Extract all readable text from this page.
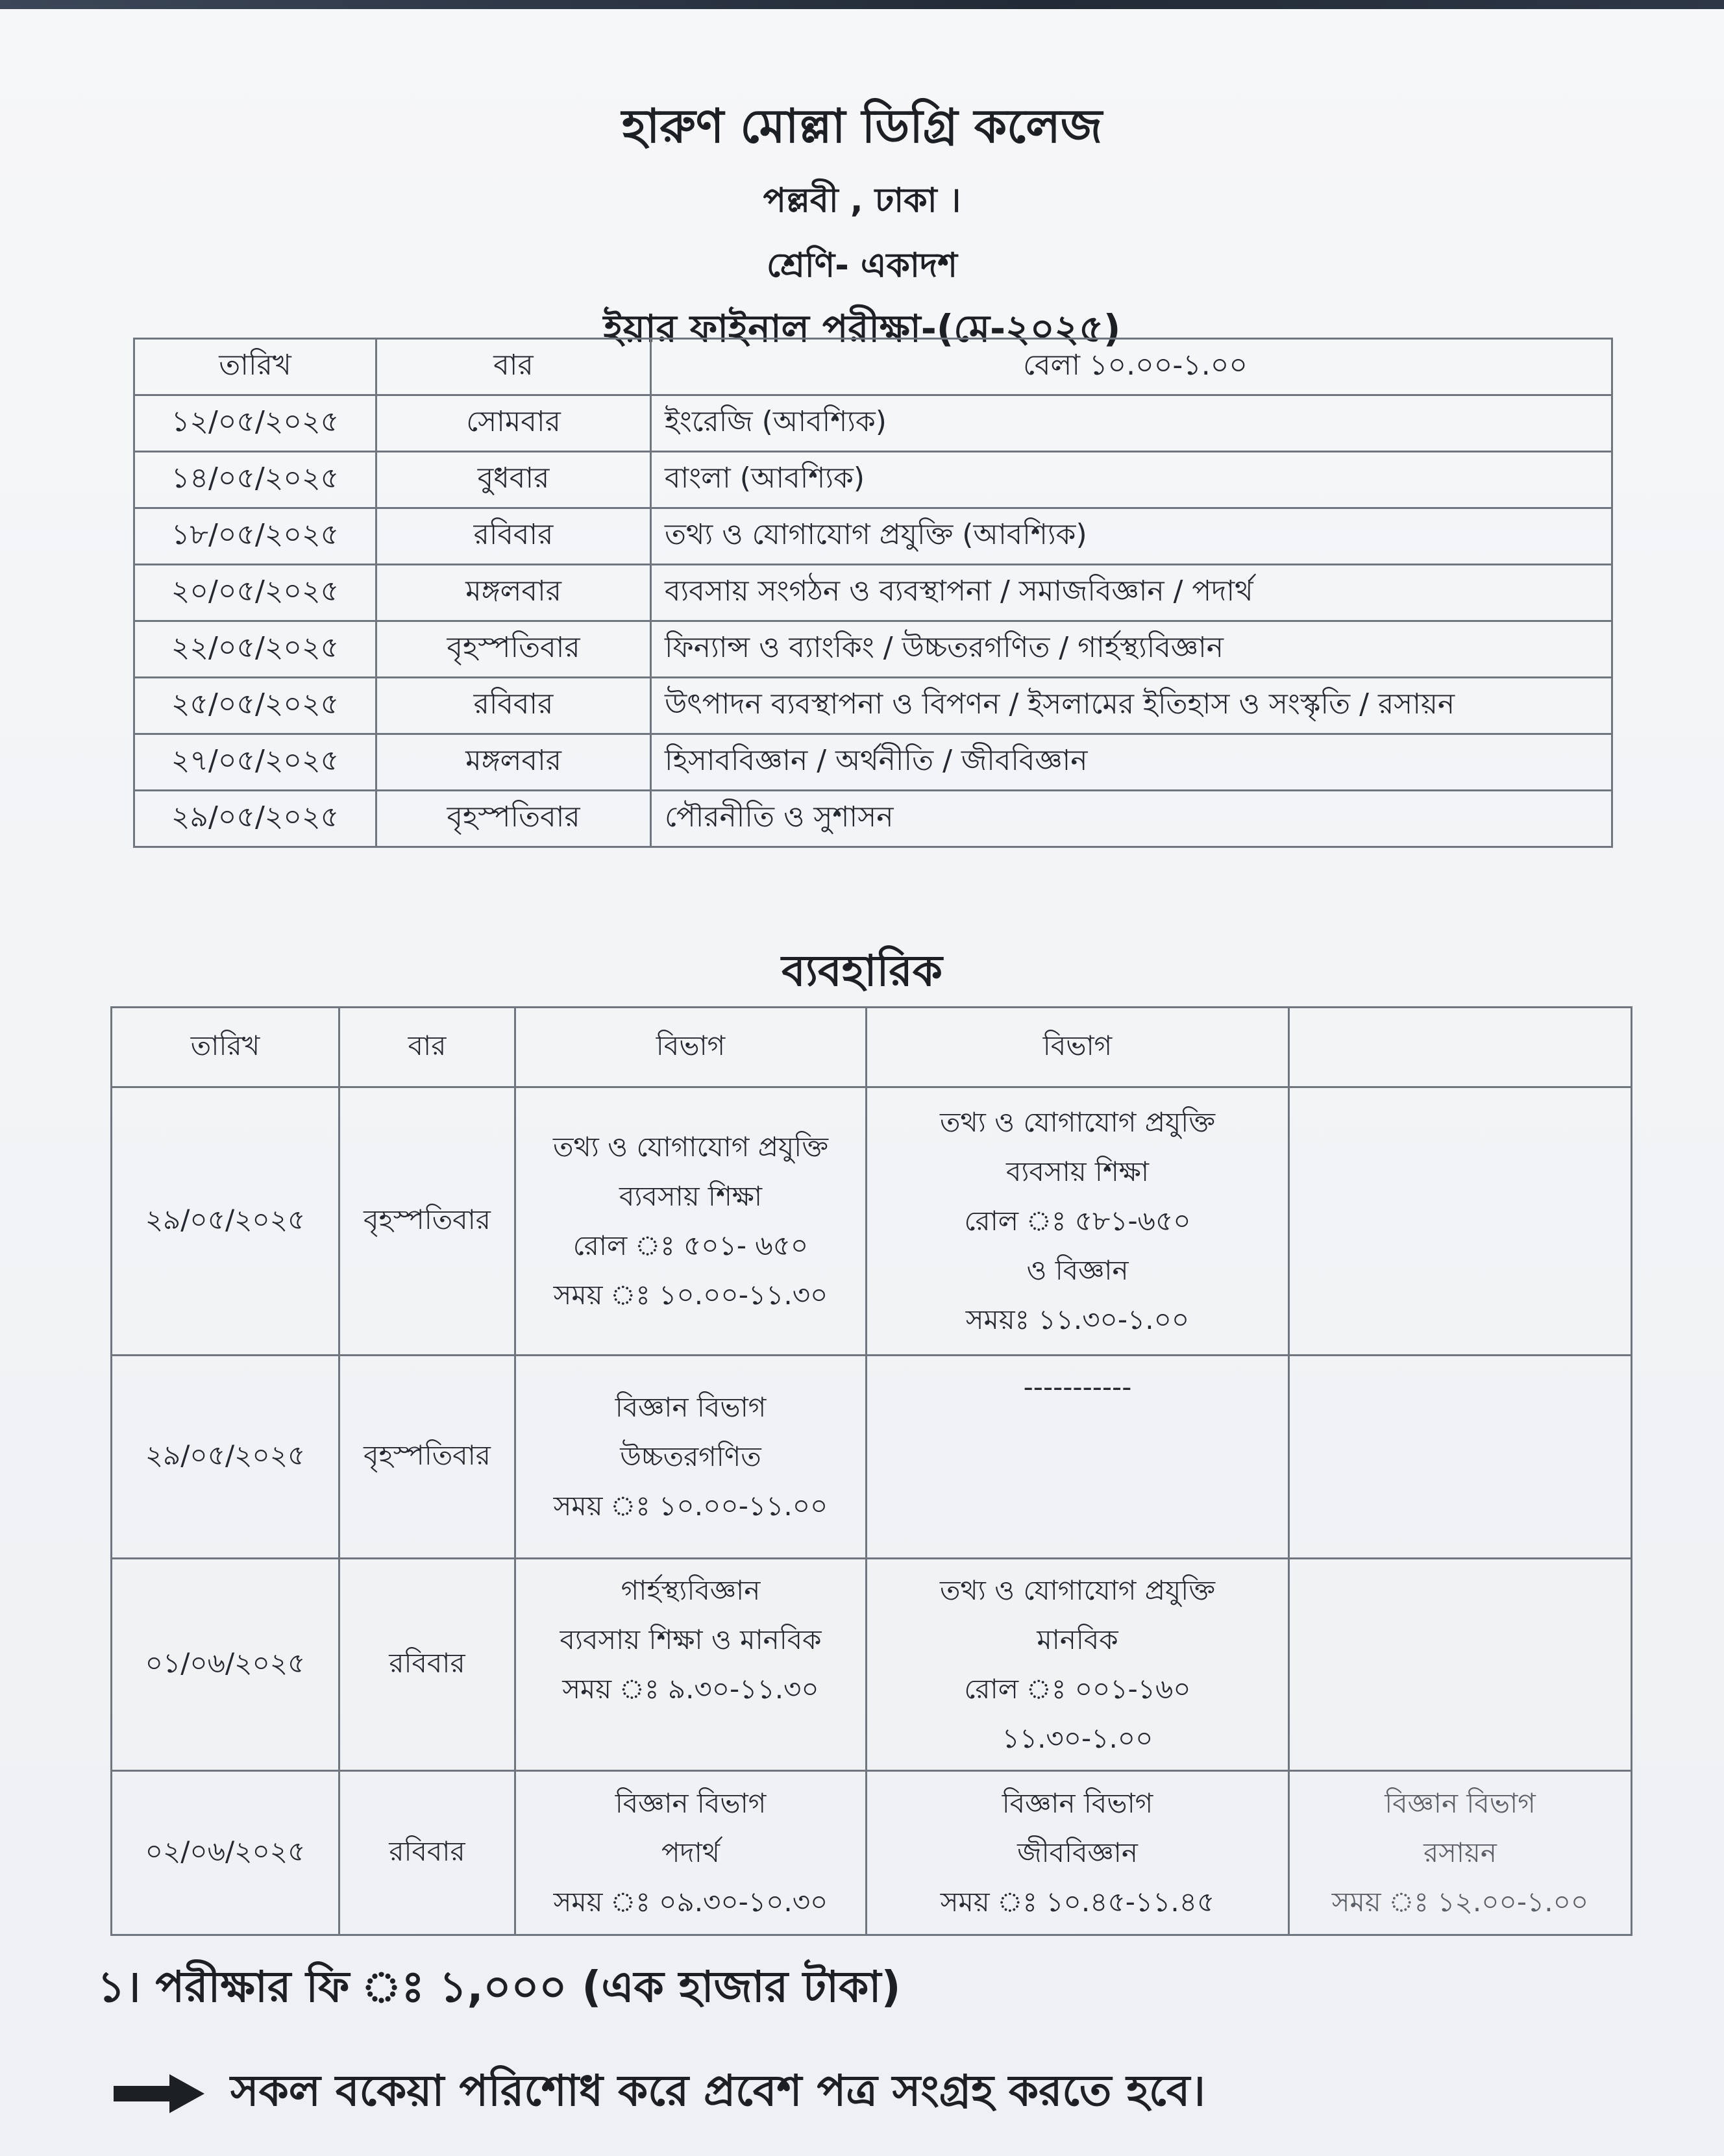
হারুণ মোল্লা ডিগ্রি কলেজ
পল্লবী , ঢাকা ।
শ্রেণি- একাদশ
ইয়ার ফাইনাল পরীক্ষা-(মে-২০২৫)
তারিখ	বার	বেলা ১০.০০-১.০০
১২/০৫/২০২৫	সোমবার	ইংরেজি (আবশ্যিক)
১৪/০৫/২০২৫	বুধবার	বাংলা (আবশ্যিক)
১৮/০৫/২০২৫	রবিবার	তথ্য ও যোগাযোগ প্রযুক্তি (আবশ্যিক)
২০/০৫/২০২৫	মঙ্গলবার	ব্যবসায় সংগঠন ও ব্যবস্থাপনা / সমাজবিজ্ঞান / পদার্থ
২২/০৫/২০২৫	বৃহস্পতিবার	ফিন্যান্স ও ব্যাংকিং / উচ্চতরগণিত / গার্হস্থ্যবিজ্ঞান
২৫/০৫/২০২৫	রবিবার	উৎপাদন ব্যবস্থাপনা ও বিপণন / ইসলামের ইতিহাস ও সংস্কৃতি / রসায়ন
২৭/০৫/২০২৫	মঙ্গলবার	হিসাববিজ্ঞান / অর্থনীতি / জীববিজ্ঞান
২৯/০৫/২০২৫	বৃহস্পতিবার	পৌরনীতি ও সুশাসন
ব্যবহারিক
তারিখ	বার	বিভাগ	বিভাগ	
২৯/০৫/২০২৫	বৃহস্পতিবার	তথ্য ও যোগাযোগ প্রযুক্তি
ব্যবসায় শিক্ষা
রোল ঃ ৫০১- ৬৫০
সময় ঃ ১০.০০-১১.৩০	তথ্য ও যোগাযোগ প্রযুক্তি
ব্যবসায় শিক্ষা
রোল ঃ ৫৮১-৬৫০
ও বিজ্ঞান
সময়ঃ ১১.৩০-১.০০	

২৯/০৫/২০২৫	বৃহস্পতিবার	বিজ্ঞান বিভাগ
উচ্চতরগণিত
সময় ঃ ১০.০০-১১.০০	-----------	

০১/০৬/২০২৫	রবিবার	গার্হস্থ্যবিজ্ঞান
ব্যবসায় শিক্ষা ও মানবিক
সময় ঃ ৯.৩০-১১.৩০	তথ্য ও যোগাযোগ প্রযুক্তি
মানবিক
রোল ঃ ০০১-১৬০
১১.৩০-১.০০	

০২/০৬/২০২৫	রবিবার	বিজ্ঞান বিভাগ
পদার্থ
সময় ঃ ০৯.৩০-১০.৩০	বিজ্ঞান বিভাগ
জীববিজ্ঞান
সময় ঃ ১০.৪৫-১১.৪৫	বিজ্ঞান বিভাগ
রসায়ন
সময় ঃ ১২.০০-১.০০
১। পরীক্ষার ফি ঃ ১,০০০ (এক হাজার টাকা)
সকল বকেয়া পরিশোধ করে প্রবেশ পত্র সংগ্রহ করতে হবে।
